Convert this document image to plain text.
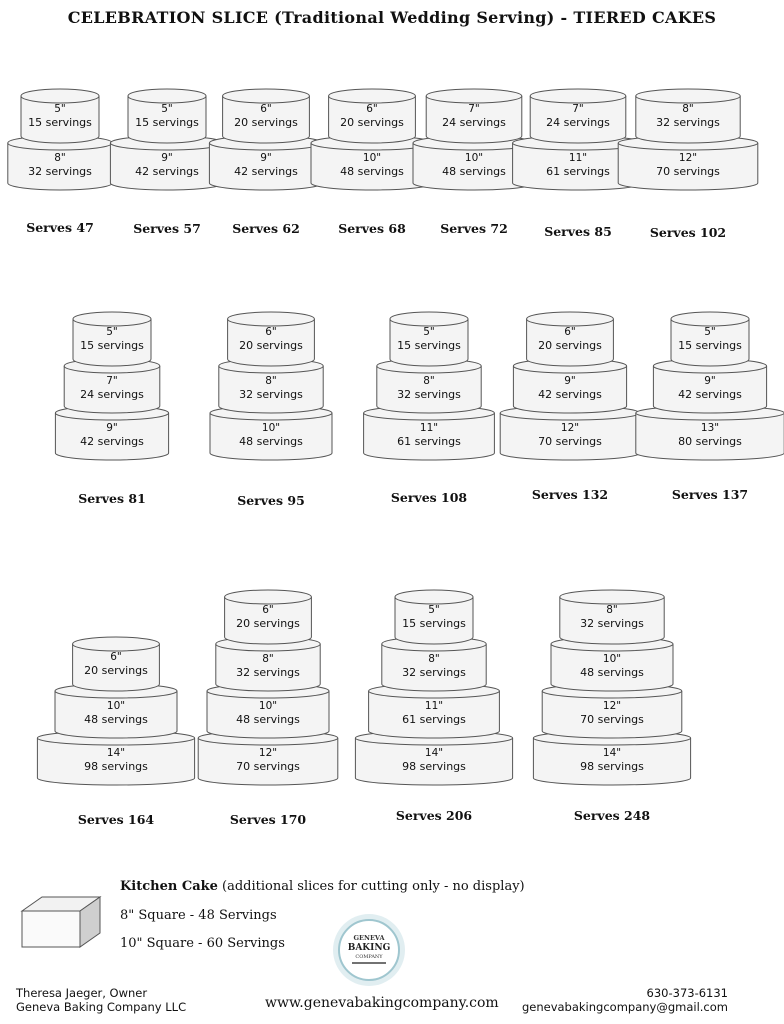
CELEBRATION SLICE (Traditional Wedding Serving) - TIERED CAKES
8"
32 servings
5"
15 servings
Serves 47
9"
42 servings
5"
15 servings
Serves 57
9"
42 servings
6"
20 servings
Serves 62
10"
48 servings
6"
20 servings
Serves 68
10"
48 servings
7"
24 servings
Serves 72
11"
61 servings
7"
24 servings
Serves 85
12"
70 servings
8"
32 servings
Serves 102
9"
42 servings
7"
24 servings
5"
15 servings
Serves 81
10"
48 servings
8"
32 servings
6"
20 servings
Serves 95
11"
61 servings
8"
32 servings
5"
15 servings
Serves 108
12"
70 servings
9"
42 servings
6"
20 servings
Serves 132
13"
80 servings
9"
42 servings
5"
15 servings
Serves 137
14"
98 servings
10"
48 servings
6"
20 servings
Serves 164
12"
70 servings
10"
48 servings
8"
32 servings
6"
20 servings
Serves 170
14"
98 servings
11"
61 servings
8"
32 servings
5"
15 servings
Serves 206
14"
98 servings
12"
70 servings
10"
48 servings
8"
32 servings
Serves 248
Kitchen Cake (additional slices for cutting only - no display)
8" Square - 48 Servings
10" Square - 60 Servings	GENEVA
BAKING
COMPANY
Theresa Jaeger, Owner
Geneva Baking Company LLC	www.genevabakingcompany.com
630-373-6131
genevabakingcompany@gmail.com
